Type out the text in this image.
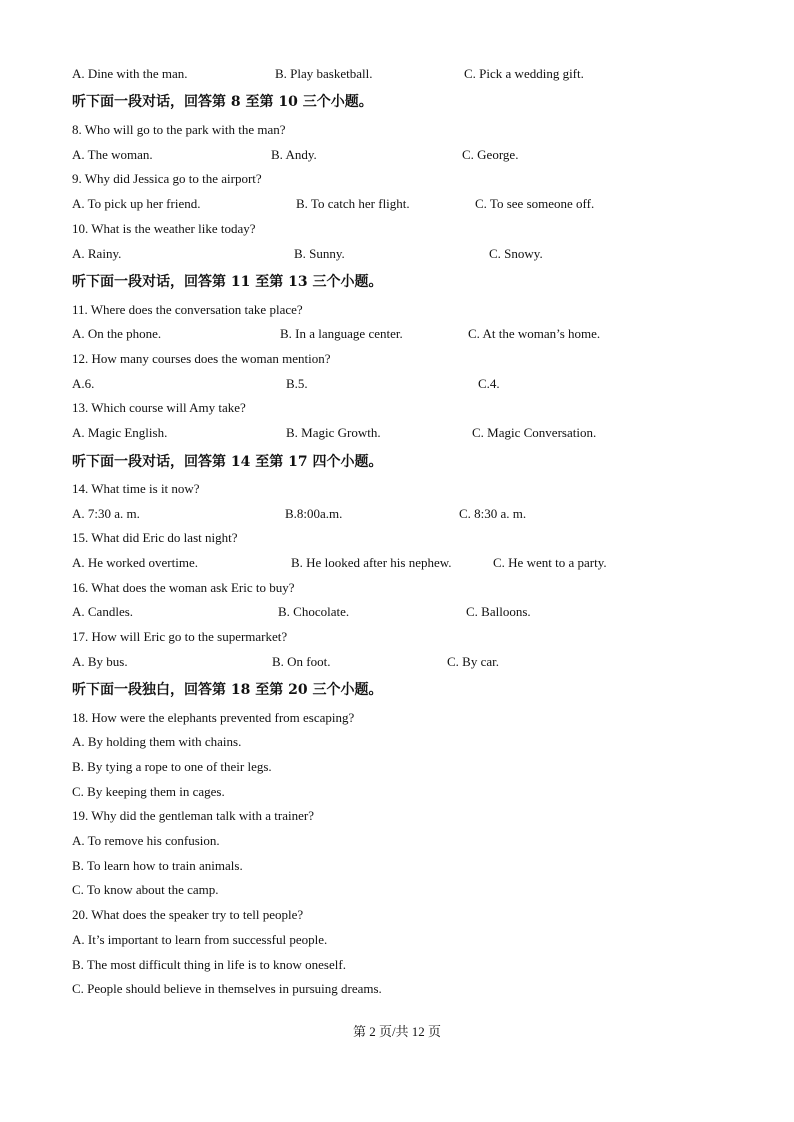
第 2 页/共 12 页
A. Dine with the man.	B. Play basketball.	C. Pick a wedding gift.
听下面一段对话，回答第 8 至第 10 三个小题。
8. Who will go to the park with the man?
A. The woman.	B. Andy.	C. George.
9. Why did Jessica go to the airport?
A. To pick up her friend.	B. To catch her flight.	C. To see someone off.
10. What is the weather like today?
A. Rainy.	B. Sunny.	C. Snowy.
听下面一段对话，回答第 11 至第 13 三个小题。
11. Where does the conversation take place?
A. On the phone.	B. In a language center.	C. At the woman’s home.
12. How many courses does the woman mention?
A.6.	B.5.	C.4.
13. Which course will Amy take?
A. Magic English.	B. Magic Growth.	C. Magic Conversation.
听下面一段对话，回答第 14 至第 17 四个小题。
14. What time is it now?
A. 7:30 a. m.	B.8:00a.m.	C. 8:30 a. m.
15. What did Eric do last night?
A. He worked overtime.	B. He looked after his nephew.	C. He went to a party.
16. What does the woman ask Eric to buy?
A. Candles.	B. Chocolate.	C. Balloons.
17. How will Eric go to the supermarket?
A. By bus.	B. On foot.	C. By car.
听下面一段独白，回答第 18 至第 20 三个小题。
18. How were the elephants prevented from escaping?
A. By holding them with chains.
B. By tying a rope to one of their legs.
C. By keeping them in cages.
19. Why did the gentleman talk with a trainer?
A. To remove his confusion.
B. To learn how to train animals.
C. To know about the camp.
20. What does the speaker try to tell people?
A. It’s important to learn from successful people.
B. The most difficult thing in life is to know oneself.
C. People should believe in themselves in pursuing dreams.
